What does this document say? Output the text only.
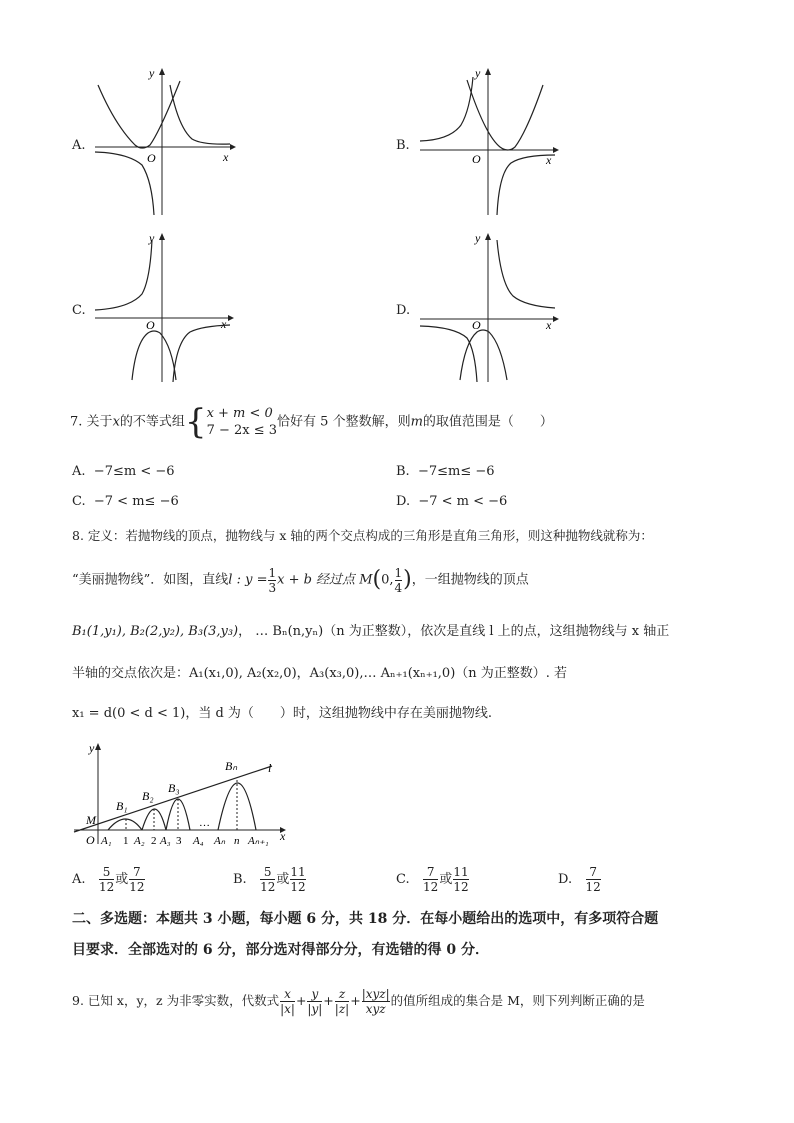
A.
x
y
O
B.
x
y
O
C.
x
y
O
D.
x
y
O
7. 关于x的不等式组{ x + m < 0
7 − 2x ≤ 3
恰好有 5 个整数解，则m的取值范围是（　　）
A. −7≤m < −6	B. −7≤m≤ −6
C. −7 < m≤ −6	D. −7 < m < −6
8. 定义：若抛物线的顶点，抛物线与 x 轴的两个交点构成的三角形是直角三角形，则这种抛物线就称为：
“美丽抛物线”．如图，直线l : $y = \frac{1}{3}$ x + b 经过点 M(0, $\frac{1}{4}$ )，一组抛物线的顶点
B₁(1,y₁), B₂(2,y₂), B₃(3,y₃)， … Bₙ(n,yₙ)（n 为正整数），依次是直线 l 上的点，这组抛物线与 x 轴正
半轴的交点依次是：A₁(x₁,0), A₂(x₂,0)，A₃(x₃,0),… Aₙ₊₁(xₙ₊₁,0)（n 为正整数）. 若
x₁ = d(0 < d < 1)，当 d 为（　　）时，这组抛物线中存在美丽抛物线.
y
x
O
M
l
B₁
B₂
B₃
Bₙ
A₁ 1 A₂ 2 A₃ 3
…
A₄ Aₙ n Aₙ₊₁
A. $\frac{5}{12}$ 或 $\frac{7}{12}$	B. $\frac{5}{12}$ 或 $\frac{11}{12}$	C. $\frac{7}{12}$ 或 $\frac{11}{12}$	D. $\frac{7}{12}$
二、多选题：本题共 3 小题，每小题 6 分，共 18 分．在每小题给出的选项中，有多项符合题
目要求．全部选对的 6 分，部分选对得部分分，有选错的得 0 分．
9. 已知 x，y，z 为非零实数，代数式 $\frac{x}{|x|} + \frac{y}{|y|} + \frac{z}{|z|} + \frac{\text{|xyz|}}{\text{xyz}}$ 的值所组成的集合是 M，则下列判断正确的是
